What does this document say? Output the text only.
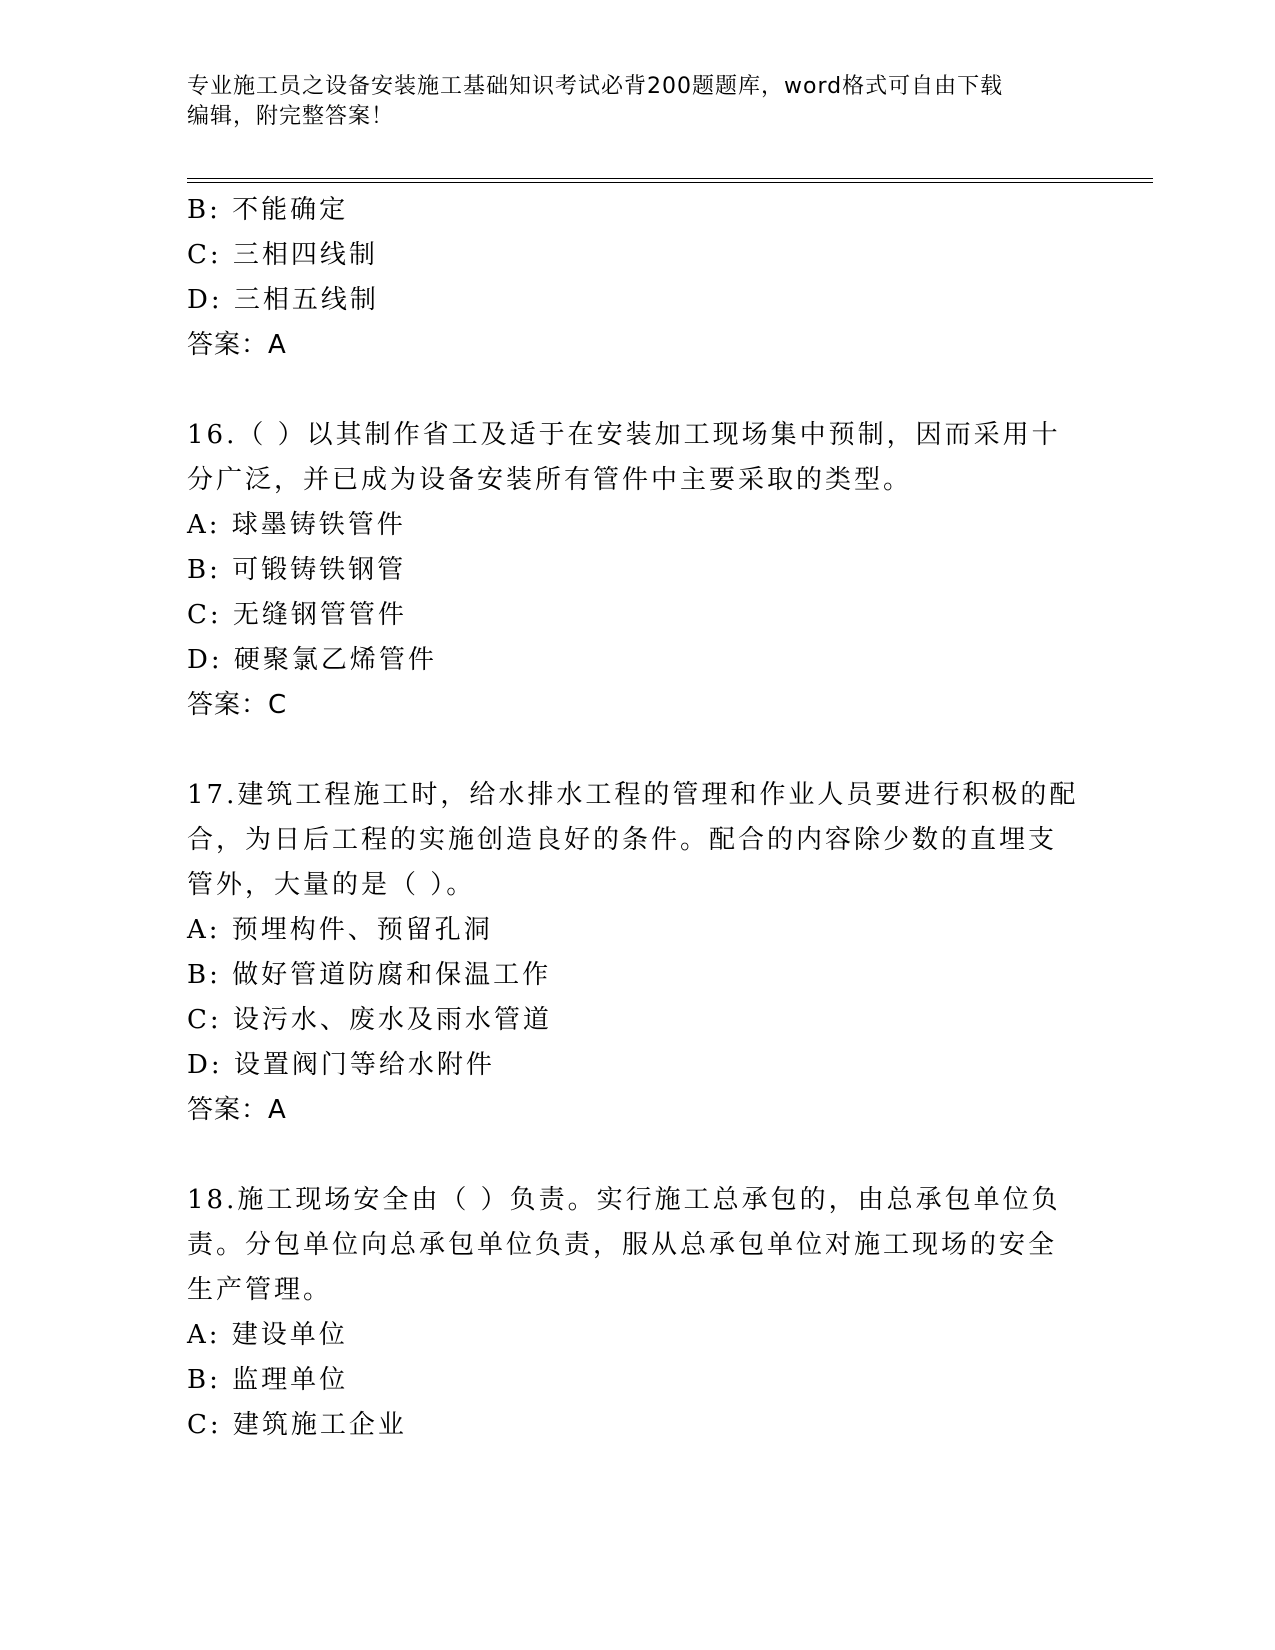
专业施工员之设备安装施工基础知识考试必背200题题库，word格式可自由下载
编辑，附完整答案！
B: 不能确定
C: 三相四线制
D: 三相五线制
答案：A
16.（ ）以其制作省工及适于在安装加工现场集中预制，因而采用十
分广泛，并已成为设备安装所有管件中主要采取的类型。
A: 球墨铸铁管件
B: 可锻铸铁钢管
C: 无缝钢管管件
D: 硬聚氯乙烯管件
答案：C
17.建筑工程施工时，给水排水工程的管理和作业人员要进行积极的配
合，为日后工程的实施创造良好的条件。配合的内容除少数的直埋支
管外，大量的是（ ）。
A: 预埋构件、预留孔洞
B: 做好管道防腐和保温工作
C: 设污水、废水及雨水管道
D: 设置阀门等给水附件
答案：A
18.施工现场安全由（ ）负责。实行施工总承包的，由总承包单位负
责。分包单位向总承包单位负责，服从总承包单位对施工现场的安全
生产管理。
A: 建设单位
B: 监理单位
C: 建筑施工企业
